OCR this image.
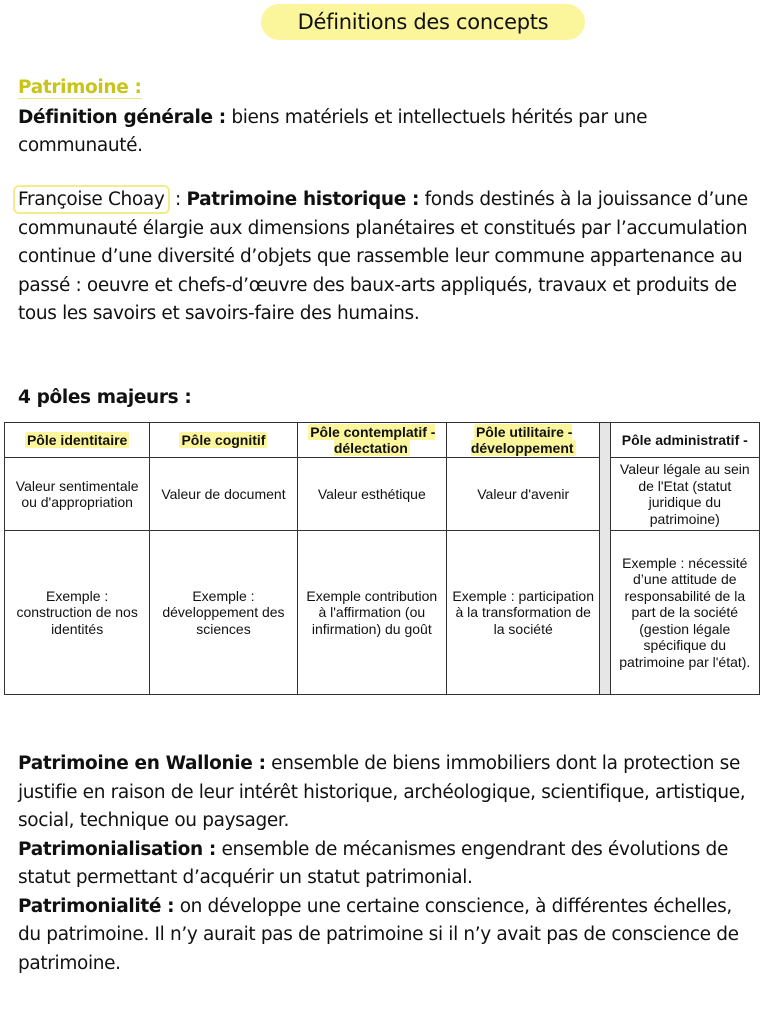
Définitions des concepts
Patrimoine :
Définition générale : biens matériels et intellectuels hérités par une communauté.
Françoise Choay : Patrimoine historique : fonds destinés à la jouissance d’une communauté élargie aux dimensions planétaires et constitués par l’accumulation continue d’une diversité d’objets que rassemble leur commune appartenance au passé : oeuvre et chefs-d’œuvre des baux-arts appliqués, travaux et produits de tous les savoirs et savoirs-faire des humains.
4 pôles majeurs :
Pôle identitaire	Pôle cognitif	Pôle contemplatif - délectation	Pôle utilitaire - développement		Pôle administratif -
Valeur sentimentale ou d'appropriation	Valeur de document	Valeur esthétique	Valeur d'avenir		Valeur légale au sein de l'Etat (statut juridique du patrimoine)
Exemple : construction de nos identités	Exemple : développement des sciences	Exemple contribution à l'affirmation (ou infirmation) du goût	Exemple : participation à la transformation de la société		Exemple : nécessité d’une attitude de responsabilité de la part de la société (gestion légale spécifique du patrimoine par l'état).
Patrimoine en Wallonie : ensemble de biens immobiliers dont la protection se justifie en raison de leur intérêt historique, archéologique, scientifique, artistique, social, technique ou paysager.
Patrimonialisation : ensemble de mécanismes engendrant des évolutions de statut permettant d’acquérir un statut patrimonial.
Patrimonialité : on développe une certaine conscience, à différentes échelles, du patrimoine. Il n’y aurait pas de patrimoine si il n’y avait pas de conscience de patrimoine.
